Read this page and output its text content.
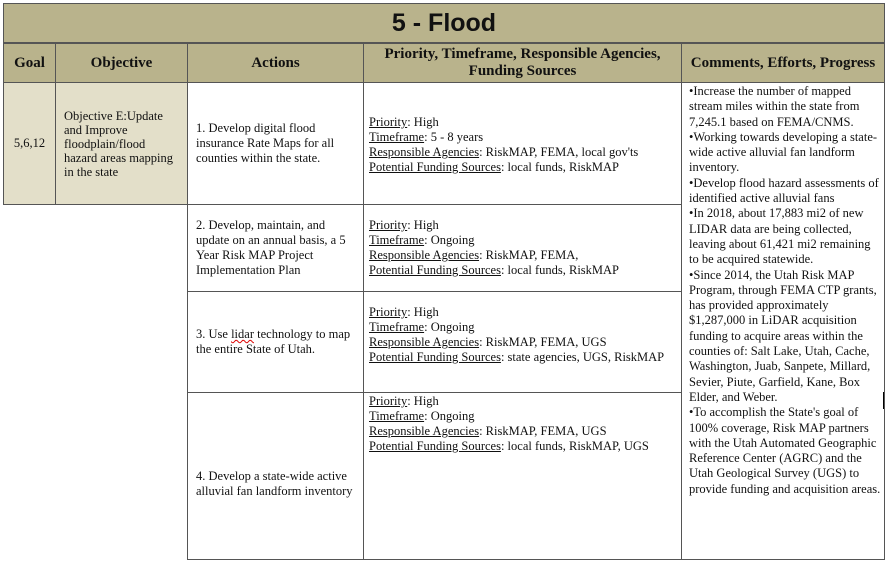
5 - Flood
Goal	Objective	Actions
Priority, Timeframe, Responsible Agencies, Funding Sources
Comments, Efforts, Progress
5,6,12
Objective E:Update and Improve floodplain/flood hazard areas mapping in the state
1. Develop digital flood insurance Rate Maps for all counties within the state.
Priority: High
Timeframe: 5 - 8 years
Responsible Agencies: RiskMAP, FEMA, local gov'ts
Potential Funding Sources: local funds, RiskMAP
2. Develop, maintain, and update on an annual basis, a 5 Year Risk MAP Project Implementation Plan
Priority: High
Timeframe: Ongoing
Responsible Agencies: RiskMAP, FEMA,
Potential Funding Sources: local funds, RiskMAP
3. Use lidar technology to map the entire State of Utah.
Priority: High
Timeframe: Ongoing
Responsible Agencies: RiskMAP, FEMA, UGS
Potential Funding Sources: state agencies, UGS, RiskMAP
4. Develop a state-wide active alluvial fan landform inventory
Priority: High
Timeframe: Ongoing
Responsible Agencies: RiskMAP, FEMA, UGS
Potential Funding Sources: local funds, RiskMAP, UGS

•Increase the number of mapped stream miles within the state from 7,245.1 based on FEMA/CNMS.

•Working towards developing a state-wide active alluvial fan landform inventory.

•Develop flood hazard assessments of identified active alluvial fans

•In 2018, about 17,883 mi2 of new LIDAR data are being collected, leaving about 61,421 mi2 remaining to be acquired statewide.

•Since 2014, the Utah Risk MAP Program, through FEMA CTP grants, has provided approximately $1,287,000 in LiDAR acquisition funding to acquire areas within the counties of: Salt Lake, Utah, Cache, Washington, Juab, Sanpete, Millard, Sevier, Piute, Garfield, Kane, Box Elder, and Weber.

•To accomplish the State's goal of 100% coverage, Risk MAP partners with the Utah Automated Geographic Reference Center (AGRC) and the Utah Geological Survey (UGS) to provide funding and acquisition areas.
